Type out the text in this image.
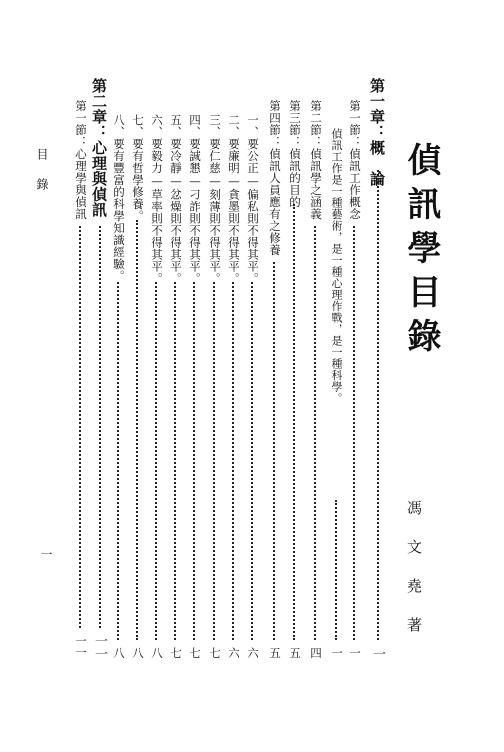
偵訊學目錄
馮文堯著
目錄
一
第一章：概　論
一
第一節：偵訊工作概念
一
偵訊工作是一種藝術，是一種心理作戰，是一種科學。
一
第二節：偵訊學之涵義
四
第三節：偵訊的目的
五
第四節：偵訊人員應有之修養
五
一、要公正—偏私則不得其平。
六
二、要廉明—貪墨則不得其平。
六
三、要仁慈—刻薄則不得其平。
七
四、要誠懇—刁詐則不得其平。
七
五、要冷靜—忿燥則不得其平。
七
六、要毅力—草率則不得其平。
八
七、要有哲學修養。
八
八、要有豐富的科學知識經驗。
八
第二章：心理與偵訊
一一
第一節：心理學與偵訊
一一
